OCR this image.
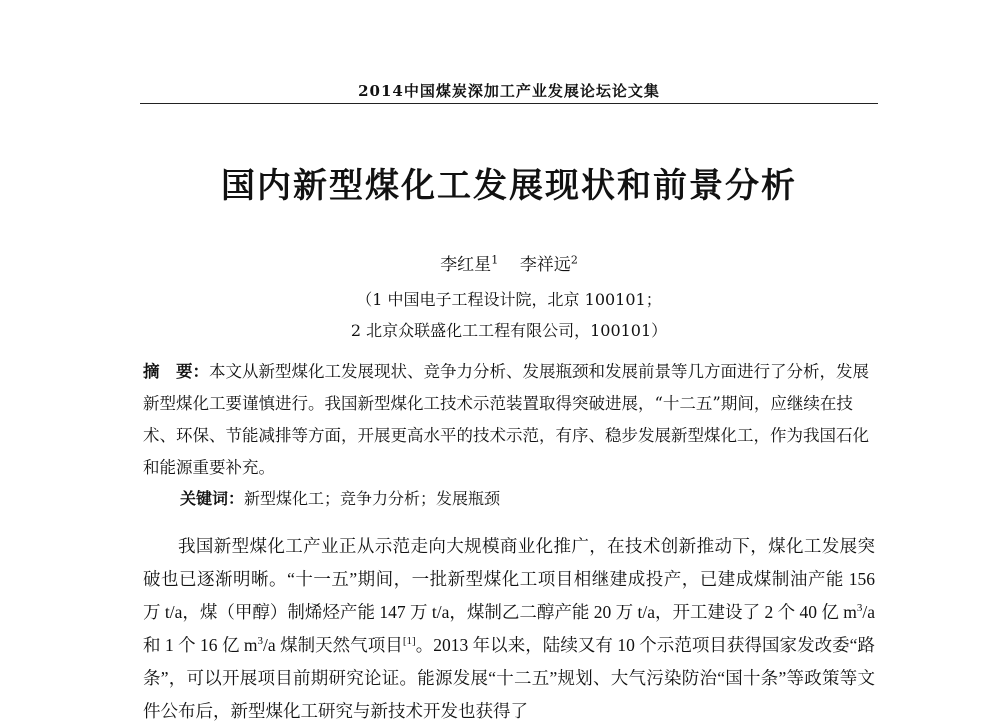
2014中国煤炭深加工产业发展论坛论文集
国内新型煤化工发展现状和前景分析
李红星$^1$ 李祥远$^2$
（1 中国电子工程设计院，北京 100101；
2 北京众联盛化工工程有限公司，100101）
摘　要：本文从新型煤化工发展现状、竞争力分析、发展瓶颈和发展前景等几方面进行了分析，发展新型煤化工要谨慎进行。我国新型煤化工技术示范装置取得突破进展，“十二五”期间，应继续在技术、环保、节能减排等方面，开展更高水平的技术示范，有序、稳步发展新型煤化工，作为我国石化和能源重要补充。
关键词：新型煤化工；竞争力分析；发展瓶颈
我国新型煤化工产业正从示范走向大规模商业化推广，在技术创新推动下，煤化工发展突破也已逐渐明晰。“十一五”期间，一批新型煤化工项目相继建成投产，已建成煤制油产能 156 万 t/a，煤（甲醇）制烯烃产能 147 万 t/a，煤制乙二醇产能 20 万 t/a，开工建设了 2 个 40 亿 $m^3/a$ 和 1 个 16 亿 $m^3/a$ 煤制天然气项目[1]。2013 年以来，陆续又有 10 个示范项目获得国家发改委“路条”，可以开展项目前期研究论证。能源发展“十二五”规划、大气污染防治“国十条”等政策等文件公布后，新型煤化工研究与新技术开发也获得了
